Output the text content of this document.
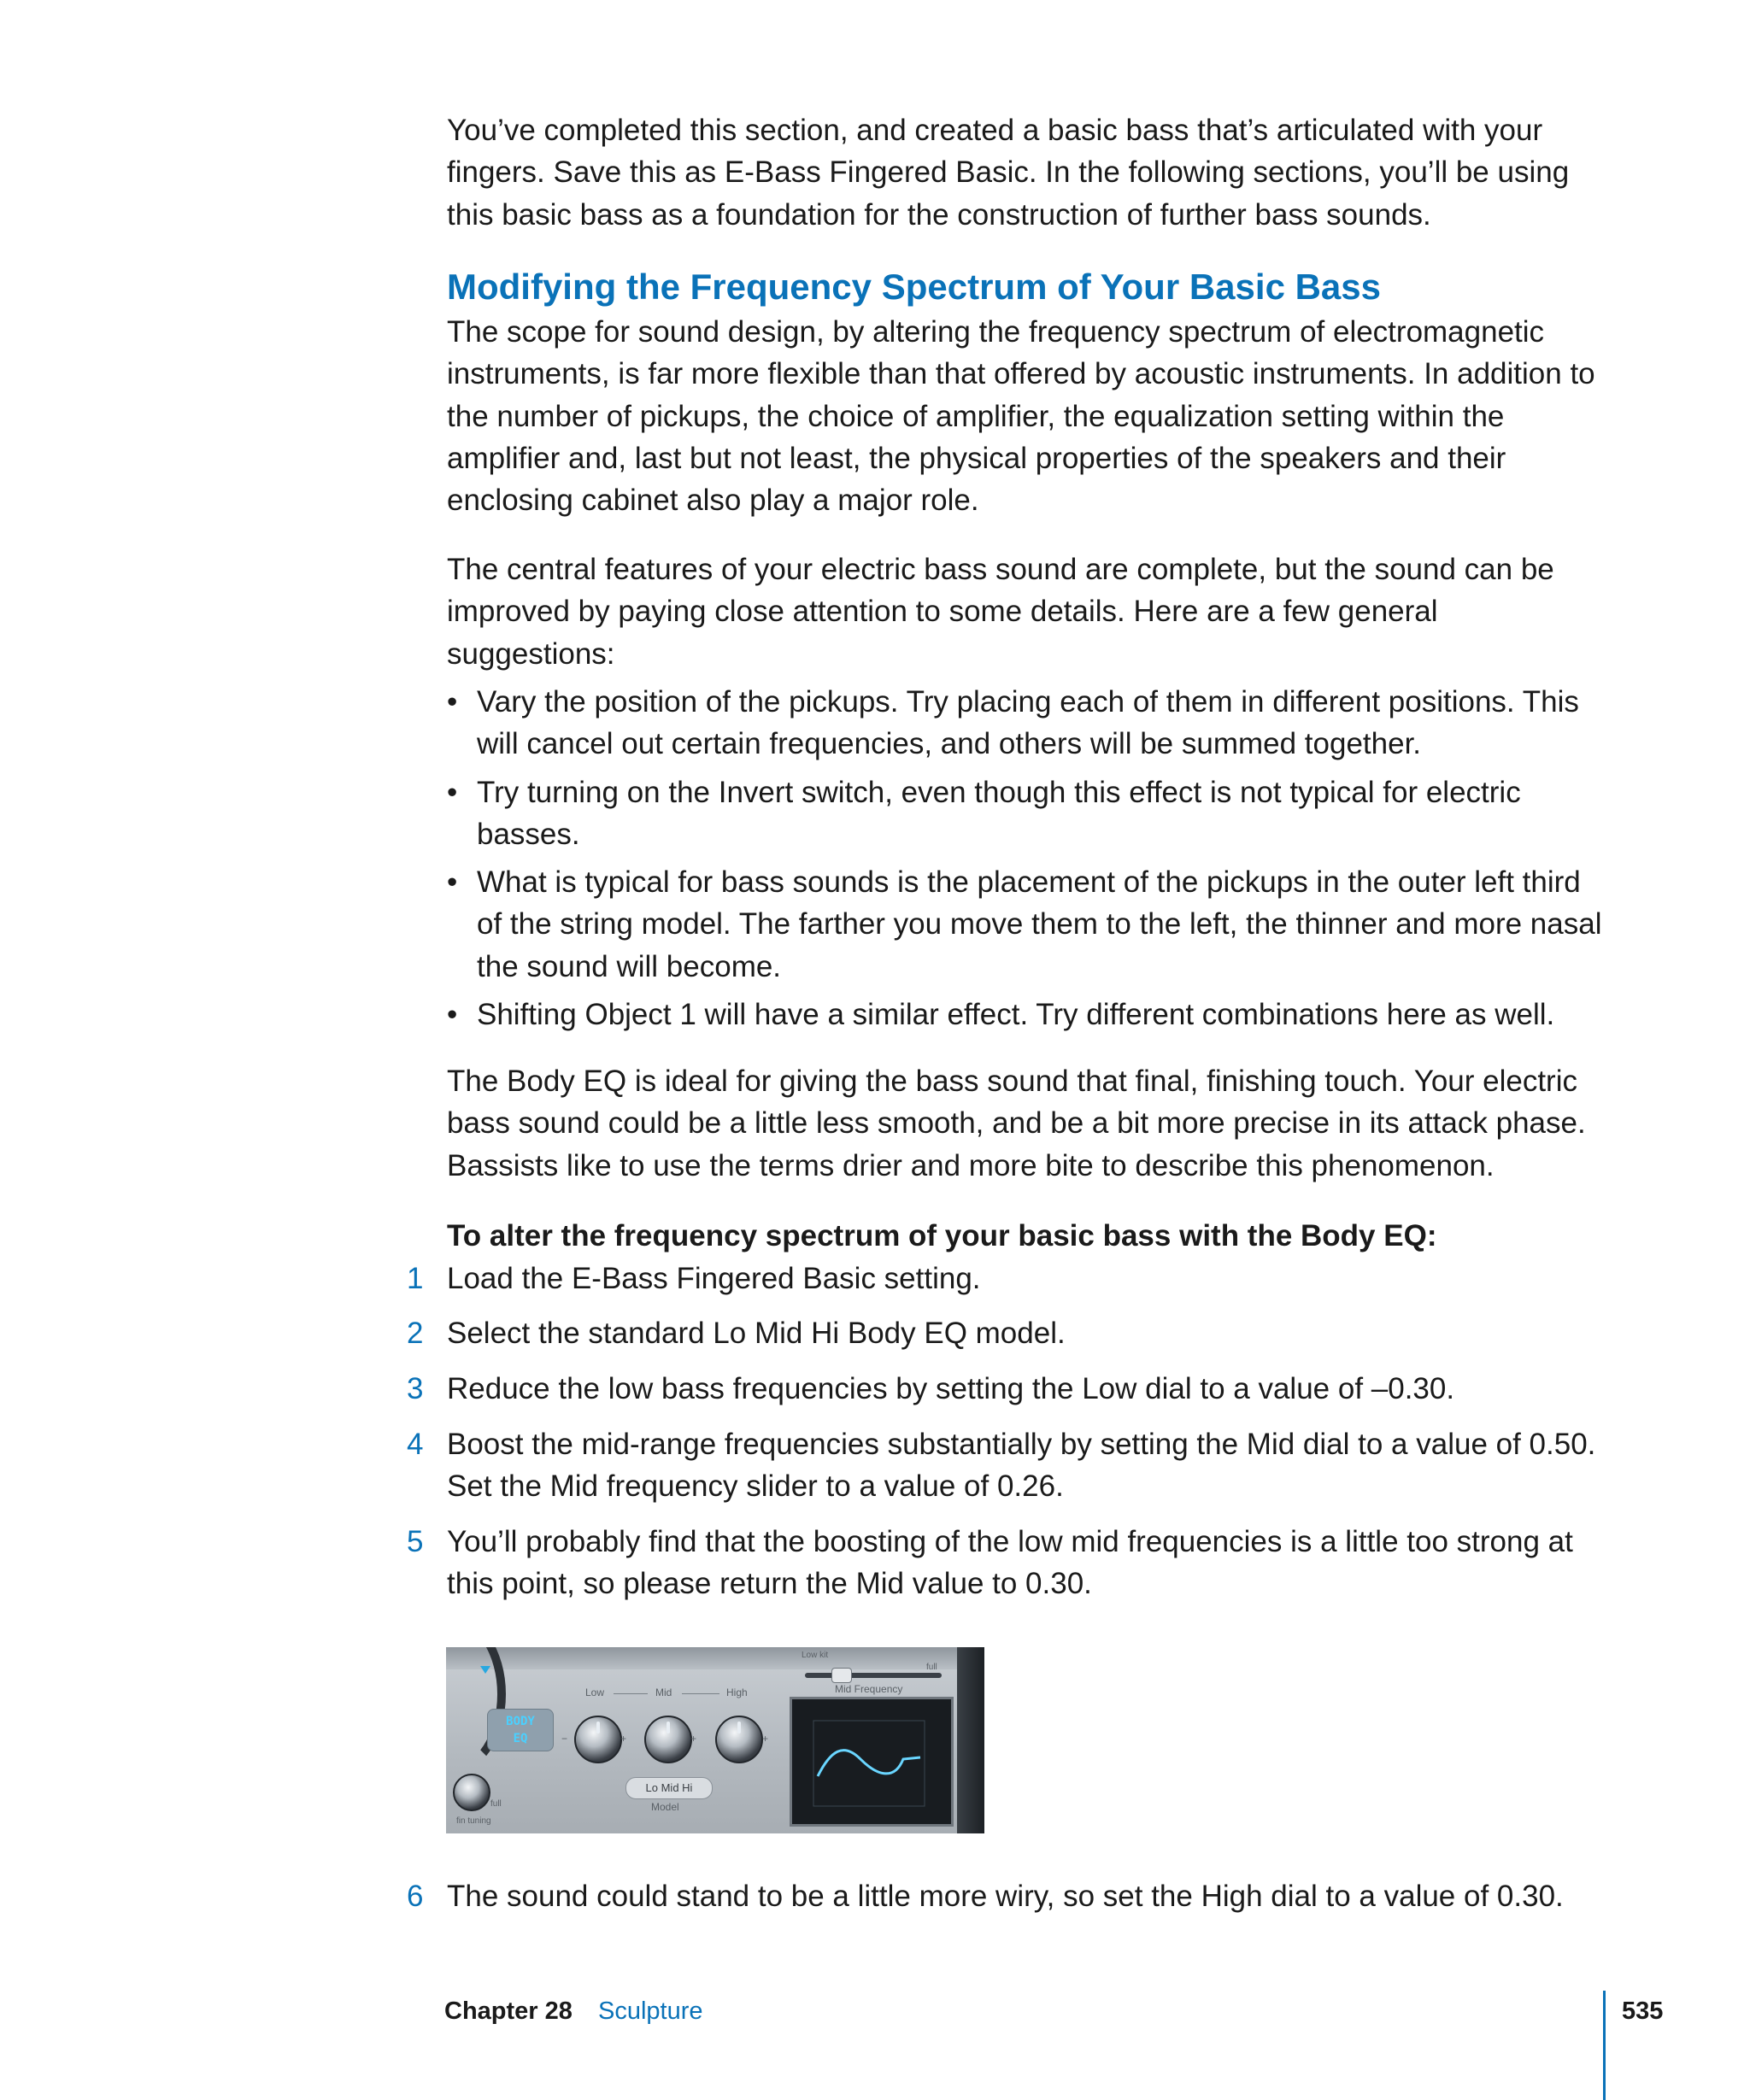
You’ve completed this section, and created a basic bass that’s articulated with your fingers. Save this as E-Bass Fingered Basic. In the following sections, you’ll be using this basic bass as a foundation for the construction of further bass sounds.

Modifying the Frequency Spectrum of Your Basic Bass

The scope for sound design, by altering the frequency spectrum of electromagnetic instruments, is far more flexible than that offered by acoustic instruments. In addition to the number of pickups, the choice of amplifier, the equalization setting within the amplifier and, last but not least, the physical properties of the speakers and their enclosing cabinet also play a major role.

The central features of your electric bass sound are complete, but the sound can be improved by paying close attention to some details. Here are a few general suggestions:

• Vary the position of the pickups. Try placing each of them in different positions. This will cancel out certain frequencies, and others will be summed together.
• Try turning on the Invert switch, even though this effect is not typical for electric basses.
• What is typical for bass sounds is the placement of the pickups in the outer left third of the string model. The farther you move them to the left, the thinner and more nasal the sound will become.
• Shifting Object 1 will have a similar effect. Try different combinations here as well.

The Body EQ is ideal for giving the bass sound that final, finishing touch. Your electric bass sound could be a little less smooth, and be a bit more precise in its attack phase. Bassists like to use the terms drier and more bite to describe this phenomenon.

To alter the frequency spectrum of your basic bass with the Body EQ:

1 Load the E-Bass Fingered Basic setting.
2 Select the standard Lo Mid Hi Body EQ model.
3 Reduce the low bass frequencies by setting the Low dial to a value of –0.30.
4 Boost the mid-range frequencies substantially by setting the Mid dial to a value of 0.50. Set the Mid frequency slider to a value of 0.26.
5 You’ll probably find that the boosting of the low mid frequencies is a little too strong at this point, so please return the Mid value to 0.30.
BODY
EQ
Low	Mid	High
Lo Mid Hi
Model
Low kit
full
Mid Frequency
full
fin tuning
−	+	+	+
6 The sound could stand to be a little more wiry, so set the High dial to a value of 0.30.
Chapter 28 Sculpture	535
